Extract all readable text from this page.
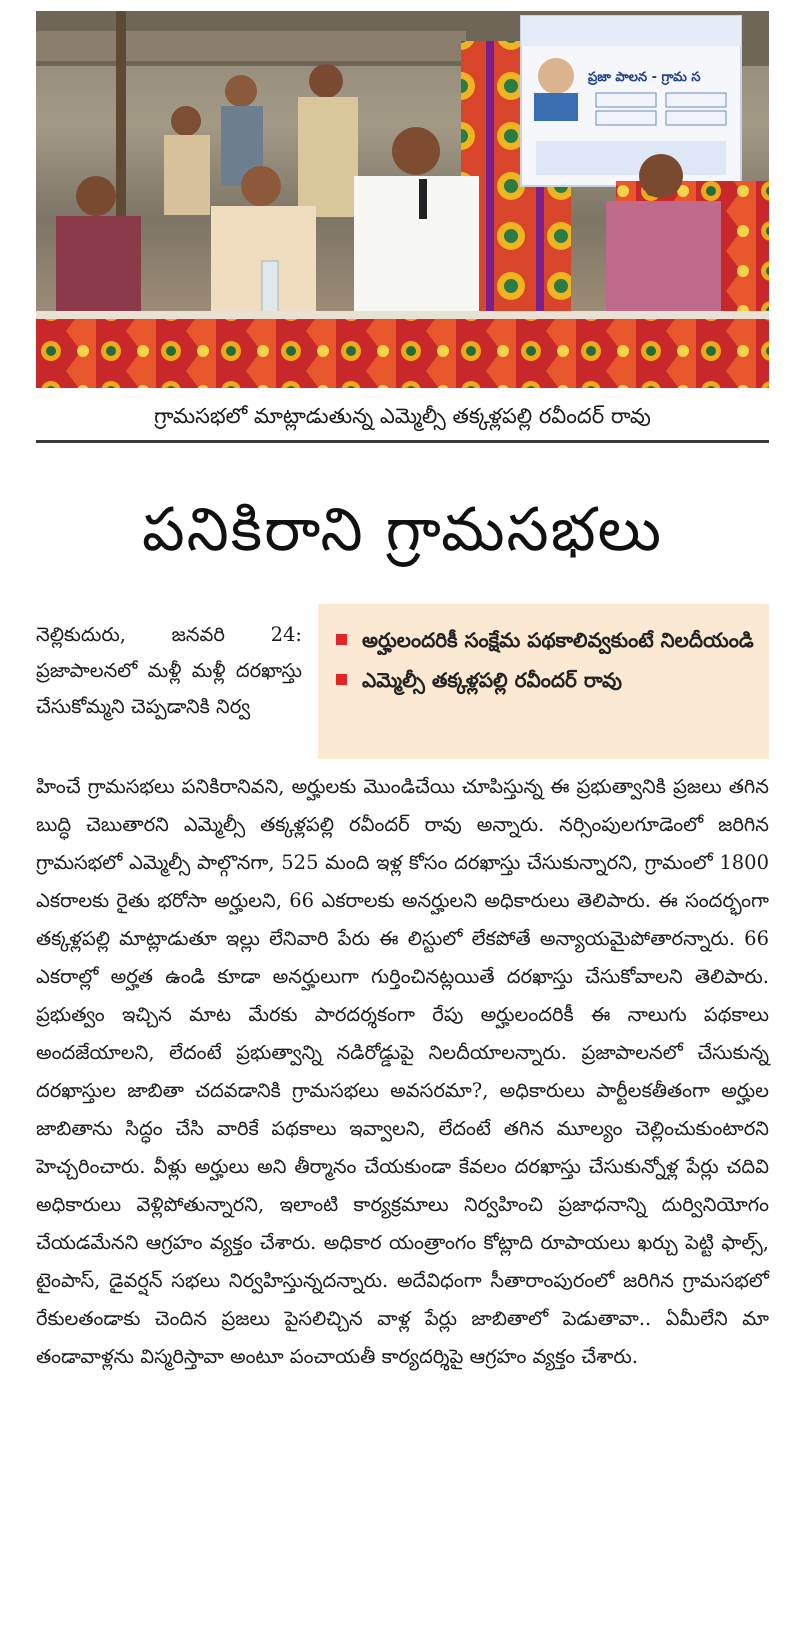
ప్రజా పాలన - గ్రామ స
గ్రామసభలో మాట్లాడుతున్న ఎమ్మెల్సీ తక్కళ్లపల్లి రవీందర్ రావు
పనికిరాని గ్రామసభలు
అర్హులందరికీ సంక్షేమ పథకాలివ్వకుంటే నిలదీయండి
ఎమ్మెల్సీ తక్కళ్లపల్లి రవీందర్ రావు
నెల్లికుదురు, జనవరి 24: ప్రజాపాలనలో మళ్లీ మళ్లీ దరఖాస్తు చేసుకోమ్మని చెప్పడానికి నిర్వ

హించే గ్రామసభలు పనికిరానివని, అర్హులకు మొండిచేయి చూపిస్తున్న ఈ ప్రభుత్వానికి ప్రజలు తగిన బుద్ధి చెబుతారని ఎమ్మెల్సీ తక్కళ్లపల్లి రవీందర్ రావు అన్నారు. నర్సింపులగూడెంలో జరిగిన గ్రామసభలో ఎమ్మెల్సీ పాల్గొనగా, 525 మంది ఇళ్ల కోసం దరఖాస్తు చేసుకున్నారని, గ్రామంలో 1800 ఎకరాలకు రైతు భరోసా అర్హులని, 66 ఎకరాలకు అనర్హులని అధికారులు తెలిపారు. ఈ సందర్భంగా తక్కళ్లపల్లి మాట్లాడుతూ ఇల్లు లేనివారి పేరు ఈ లిస్టులో లేకపోతే అన్యాయమైపోతారన్నారు. 66 ఎకరాల్లో అర్హత ఉండి కూడా అనర్హులుగా గుర్తించినట్లయితే దరఖాస్తు చేసుకోవాలని తెలిపారు. ప్రభుత్వం ఇచ్చిన మాట మేరకు పారదర్శకంగా రేపు అర్హులందరికీ ఈ నాలుగు పథకాలు అందజేయాలని, లేదంటే ప్రభుత్వాన్ని నడిరోడ్డుపై నిలదీయాలన్నారు. ప్రజాపాలనలో చేసుకున్న దరఖాస్తుల జాబితా చదవడానికి గ్రామసభలు అవసరమా?, అధికారులు పార్టీలకతీతంగా అర్హుల జాబితాను సిద్ధం చేసి వారికే పథకాలు ఇవ్వాలని, లేదంటే తగిన మూల్యం చెల్లించుకుంటారని హెచ్చరించారు. వీళ్లు అర్హులు అని తీర్మానం చేయకుండా కేవలం దరఖాస్తు చేసుకున్నోళ్ల పేర్లు చదివి అధికారులు వెళ్లిపోతున్నారని, ఇలాంటి కార్యక్రమాలు నిర్వహించి ప్రజాధనాన్ని దుర్వినియోగం చేయడమేనని ఆగ్రహం వ్యక్తం చేశారు. అధికార యంత్రాంగం కోట్లాది రూపాయలు ఖర్చు పెట్టి ఫాల్స్, టైంపాస్, డైవర్షన్ సభలు నిర్వహిస్తున్నదన్నారు. అదేవిధంగా సీతారాంపురంలో జరిగిన గ్రామసభలో రేకులతండాకు చెందిన ప్రజలు పైసలిచ్చిన వాళ్ల పేర్లు జాబితాలో పెడుతావా.. ఏమీలేని మా తండావాళ్లను విస్మరిస్తావా అంటూ పంచాయతీ కార్యదర్శిపై ఆగ్రహం వ్యక్తం చేశారు.
